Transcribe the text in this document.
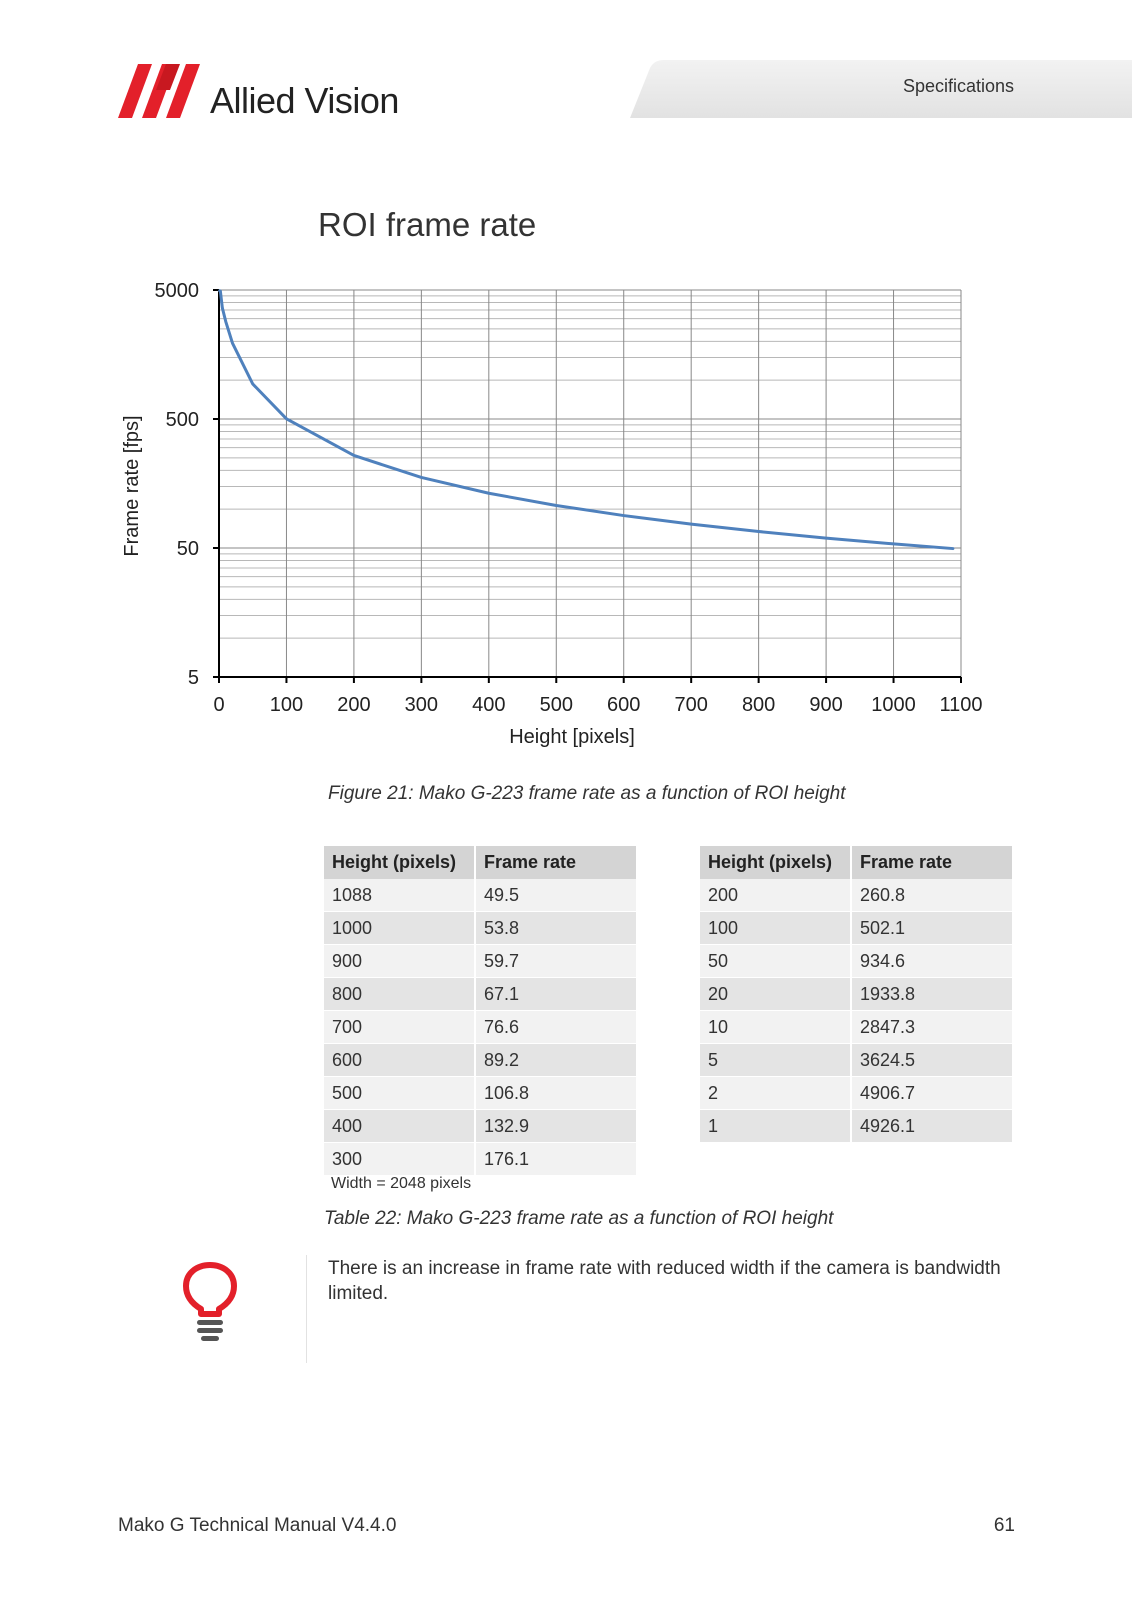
Allied Vision	Specifications
0 100 200 300 400 500 600 700 800 900 1000 1100
5
50
500
5000
ROI frame rate
Height [pixels]
Frame rate [fps]
Figure 21: Mako G-223 frame rate as a function of ROI height
Height (pixels)	Frame rate
1088	49.5
1000	53.8
900	59.7
800	67.1
700	76.6
600	89.2
500	106.8
400	132.9
300	176.1
Height (pixels)	Frame rate
200	260.8
100	502.1
50	934.6
20	1933.8
10	2847.3
5	3624.5
2	4906.7
1	4926.1
Width = 2048 pixels
Table 22: Mako G-223 frame rate as a function of ROI height
There is an increase in frame rate with reduced width if the camera is bandwidth limited.
Mako G Technical Manual V4.4.0	61
